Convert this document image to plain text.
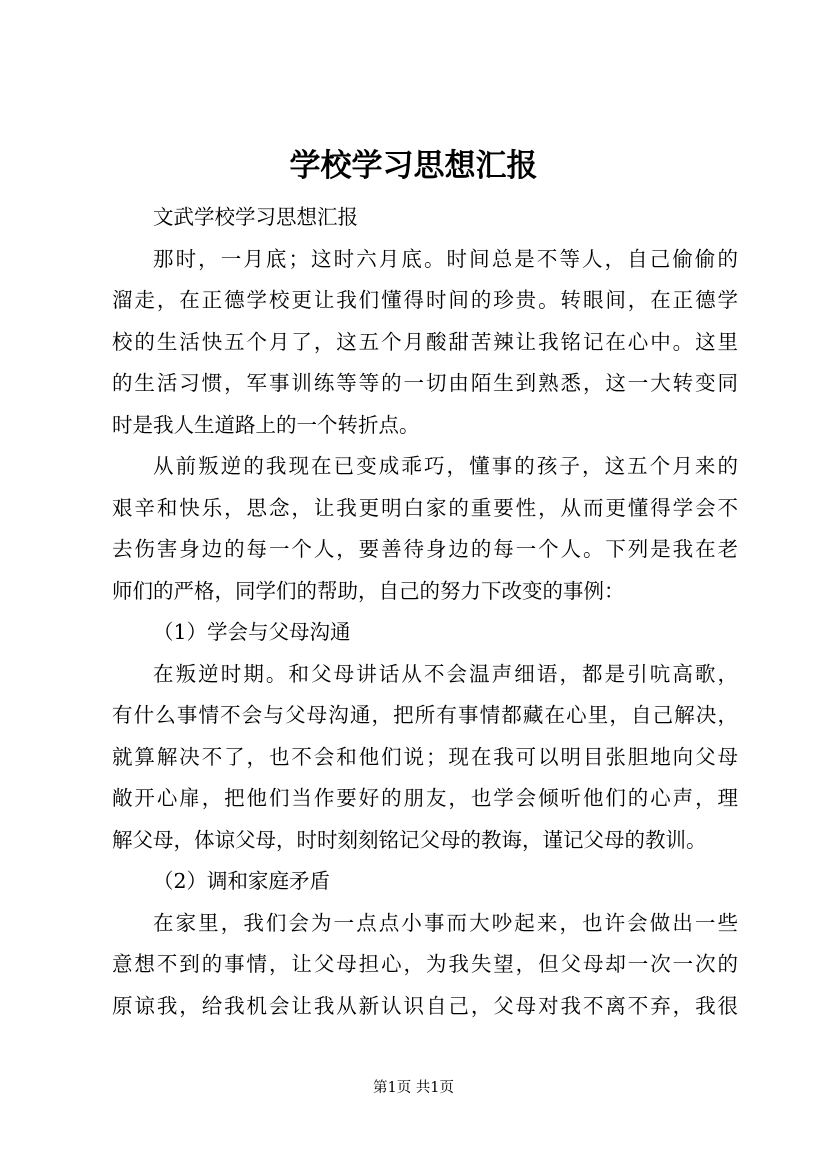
学校学习思想汇报

文武学校学习思想汇报

那时，一月底；这时六月底。时间总是不等人，自己偷偷的
溜走，在正德学校更让我们懂得时间的珍贵。转眼间，在正德学
校的生活快五个月了，这五个月酸甜苦辣让我铭记在心中。这里
的生活习惯，军事训练等等的一切由陌生到熟悉，这一大转变同
时是我人生道路上的一个转折点。
从前叛逆的我现在已变成乖巧，懂事的孩子，这五个月来的
艰辛和快乐，思念，让我更明白家的重要性，从而更懂得学会不
去伤害身边的每一个人，要善待身边的每一个人。下列是我在老
师们的严格，同学们的帮助，自己的努力下改变的事例：

（1）学会与父母沟通

在叛逆时期。和父母讲话从不会温声细语，都是引吭高歌，
有什么事情不会与父母沟通，把所有事情都藏在心里，自己解决，
就算解决不了，也不会和他们说；现在我可以明目张胆地向父母
敞开心扉，把他们当作要好的朋友，也学会倾听他们的心声，理
解父母，体谅父母，时时刻刻铭记父母的教诲，谨记父母的教训。

（2）调和家庭矛盾

在家里，我们会为一点点小事而大吵起来，也许会做出一些
意想不到的事情，让父母担心，为我失望，但父母却一次一次的
原谅我，给我机会让我从新认识自己，父母对我不离不弃，我很
第1页 共1页
